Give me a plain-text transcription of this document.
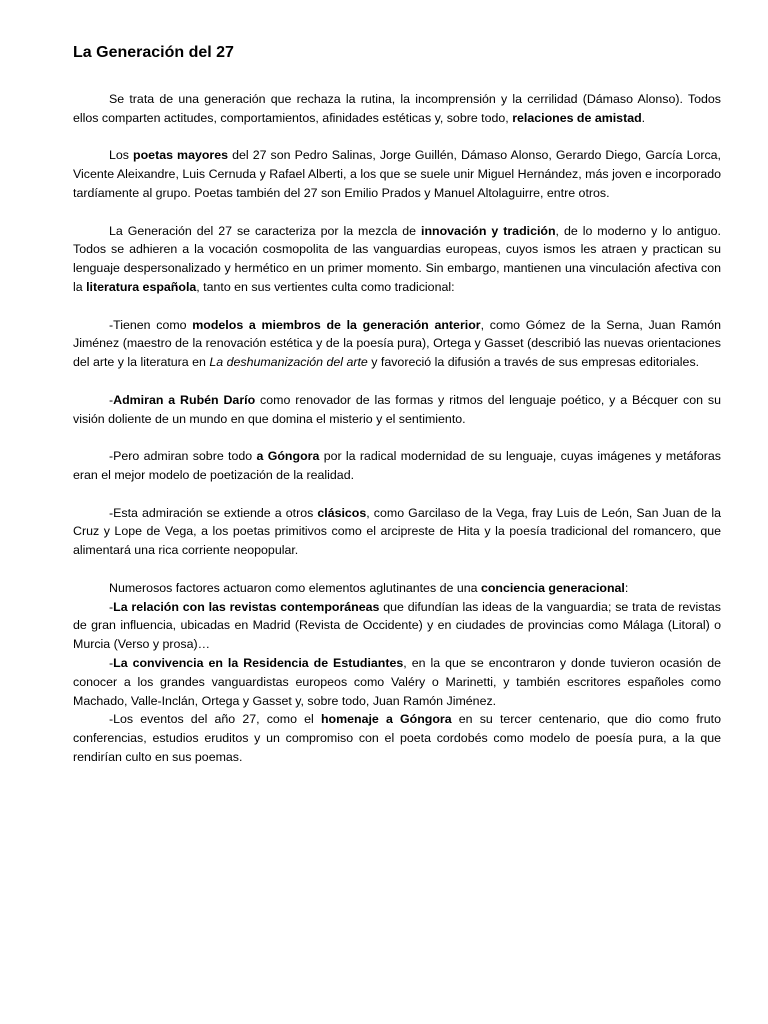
La Generación del 27

Se trata de una generación que rechaza la rutina, la incomprensión y la cerrilidad (Dámaso Alonso). Todos ellos comparten actitudes, comportamientos, afinidades estéticas y, sobre todo, relaciones de amistad.

Los poetas mayores del 27 son Pedro Salinas, Jorge Guillén, Dámaso Alonso, Gerardo Diego, García Lorca, Vicente Aleixandre, Luis Cernuda y Rafael Alberti, a los que se suele unir Miguel Hernández, más joven e incorporado tardíamente al grupo. Poetas también del 27 son Emilio Prados y Manuel Altolaguirre, entre otros.

La Generación del 27 se caracteriza por la mezcla de innovación y tradición, de lo moderno y lo antiguo. Todos se adhieren a la vocación cosmopolita de las vanguardias europeas, cuyos ismos les atraen y practican su lenguaje despersonalizado y hermético en un primer momento. Sin embargo, mantienen una vinculación afectiva con la literatura española, tanto en sus vertientes culta como tradicional:

-Tienen como modelos a miembros de la generación anterior, como Gómez de la Serna, Juan Ramón Jiménez (maestro de la renovación estética y de la poesía pura), Ortega y Gasset (describió las nuevas orientaciones del arte y la literatura en La deshumanización del arte y favoreció la difusión a través de sus empresas editoriales.

-Admiran a Rubén Darío como renovador de las formas y ritmos del lenguaje poético, y a Bécquer con su visión doliente de un mundo en que domina el misterio y el sentimiento.

-Pero admiran sobre todo a Góngora por la radical modernidad de su lenguaje, cuyas imágenes y metáforas eran el mejor modelo de poetización de la realidad.

-Esta admiración se extiende a otros clásicos, como Garcilaso de la Vega, fray Luis de León, San Juan de la Cruz y Lope de Vega, a los poetas primitivos como el arcipreste de Hita y la poesía tradicional del romancero, que alimentará una rica corriente neopopular.

Numerosos factores actuaron como elementos aglutinantes de una conciencia generacional:

-La relación con las revistas contemporáneas que difundían las ideas de la vanguardia; se trata de revistas de gran influencia, ubicadas en Madrid (Revista de Occidente) y en ciudades de provincias como Málaga (Litoral) o Murcia (Verso y prosa)…

-La convivencia en la Residencia de Estudiantes, en la que se encontraron y donde tuvieron ocasión de conocer a los grandes vanguardistas europeos como Valéry o Marinetti, y también escritores españoles como Machado, Valle-Inclán, Ortega y Gasset y, sobre todo, Juan Ramón Jiménez.

-Los eventos del año 27, como el homenaje a Góngora en su tercer centenario, que dio como fruto conferencias, estudios eruditos y un compromiso con el poeta cordobés como modelo de poesía pura, a la que rendirían culto en sus poemas.
